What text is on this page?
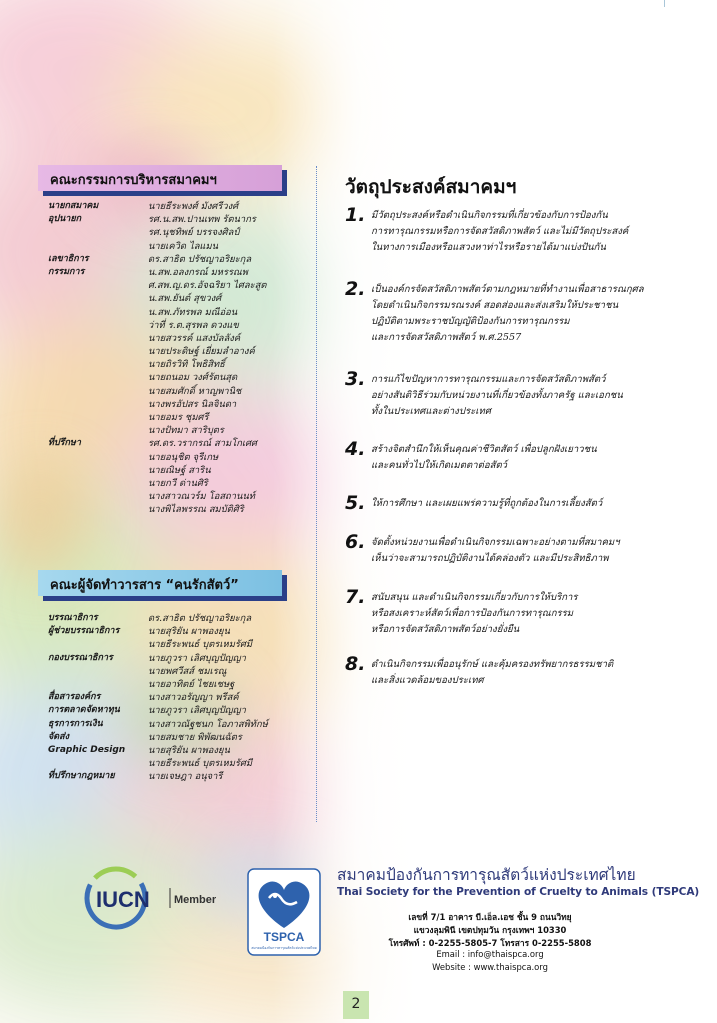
คณะกรรมการบริหารสมาคมฯ
นายกสมาคม	นายธีระพงศ์ มังศรีวงศ์
อุปนายก	รศ.น.สพ.ปานเทพ รัตนากร
รศ.นุชทิพย์ บรรจงศิลป์
นายเควิด ไลแมน
เลขาธิการ	ดร.สาธิต ปรัชญาอริยะกุล
กรรมการ	น.สพ.อลงกรณ์ มหรรณพ
ศ.สพ.ญ.ดร.อัจฉริยา ไศละสูต
น.สพ.ยันต์ สุขวงศ์
น.สพ.ภัทรพล มณีอ่อน
ว่าที่ ร.ต.สุรพล ดวงแข
นายสวรรค์ แสงบัลลังค์
นายประดิษฐ์ เยี่ยมลำอางค์
นายถิรวิทิ โพธิสิทธิ์
นายถนอม วงศ์รัตนสุด
นายสมศักดิ์ หาญพานิช
นางพรอัปสร นิลจินดา
นายอมร ชุมศรี
นางปัทมา สาริบุตร
ที่ปรึกษา	รศ.ดร.วรากรณ์ สามโกเศศ
นายอนุชิต จุรีเกษ
นายณิษฐ์ สาริน
นายกวี ด่านศิริ
นางสาวณวร์ม โอสถานนท์
นางพิไลพรรณ สมบัติศิริ
คณะผู้จัดทำวารสาร “คนรักสัตว์”
บรรณาธิการ	ดร.สาธิต ปรัชญาอริยะกุล
ผู้ช่วยบรรณาธิการ	นายสุริยัน ผาพองยุน
นายธีระพนธ์ บุตรเหมรัศมี
กองบรรณาธิการ	นายภูวรา เลิศบุญปัญญา
นายพศวีสส์ ชมเรณู
นายอาทิตย์ ไชยเชษฐ
สื่อสารองค์กร	นางสาวอรัญญา พรีสค์
การตลาดจัดหาทุน	นายภูวรา เลิศบุญปัญญา
ธุรการการเงิน	นางสาวณัฐชนก โอภาสพิทักษ์
จัดส่ง	นายสมชาย พิพัฒนฉัตร
Graphic Design นายสุริยัน ผาพองยุน
นายธีระพนธ์ บุตรเหมรัศมี
ที่ปรึกษากฎหมาย	นายเจษฎา อนุจารี
วัตถุประสงค์สมาคมฯ
1. มีวัตถุประสงค์หรือดำเนินกิจกรรมที่เกี่ยวข้องกับการป้องกัน
การทารุณกรรมหรือการจัดสวัสดิภาพสัตว์ และไม่มีวัตถุประสงค์
ในทางการเมืองหรือแสวงหาท่าไรหรือรายได้มาแบ่งปันกัน
2. เป็นองค์กรจัดสวัสดิภาพสัตว์ตามกฎหมายที่ทำงานเพื่อสาธารณกุศล
โดยดำเนินกิจกรรมรณรงค์ สอดส่องและส่งเสริมให้ประชาชน
ปฏิบัติตามพระราชบัญญัติป้องกันการทารุณกรรม
และการจัดสวัสดิภาพสัตว์ พ.ศ.2557
3. การแก้ไขปัญหาการทารุณกรรมและการจัดสวัสดิภาพสัตว์
อย่างสันติวิธีร่วมกับหน่วยงานที่เกี่ยวข้องทั้งภาครัฐ และเอกชน
ทั้งในประเทศและต่างประเทศ
4. สร้างจิตสำนึกให้เห็นคุณค่าชีวิตสัตว์ เพื่อปลูกฝังเยาวชน
และคนทั่วไปให้เกิดเมตตาต่อสัตว์
5. ให้การศึกษา และเผยแพร่ความรู้ที่ถูกต้องในการเลี้ยงสัตว์
6. จัดตั้งหน่วยงานเพื่อดำเนินกิจกรรมเฉพาะอย่างตามที่สมาคมฯ
เห็นว่าจะสามารถปฏิบัติงานได้คล่องตัว และมีประสิทธิภาพ
7. สนับสนุน และดำเนินกิจกรรมเกี่ยวกับการให้บริการ
หรือสงเคราะห์สัตว์เพื่อการป้องกันการทารุณกรรม
หรือการจัดสวัสดิภาพสัตว์อย่างยั่งยืน
8. ดำเนินกิจกรรมเพื่ออนุรักษ์ และคุ้มครองทรัพยากรธรรมชาติ
และสิ่งแวดล้อมของประเทศ
IUCN Member
TSPCA
สมาคมป้องกันการทารุณสัตว์แห่งประเทศไทย
สมาคมป้องกันการทารุณสัตว์แห่งประเทศไทย
Thai Society for the Prevention of Cruelty to Animals (TSPCA)
เลขที่ 7/1 อาคาร บี.เอ็ล.เอช ชั้น 9 ถนนวิทยุ
แขวงลุมพินี เขตปทุมวัน กรุงเทพฯ 10330
โทรศัพท์ : 0-2255-5805-7 โทรสาร 0-2255-5808
Email : info@thaispca.org
Website : www.thaispca.org
2
